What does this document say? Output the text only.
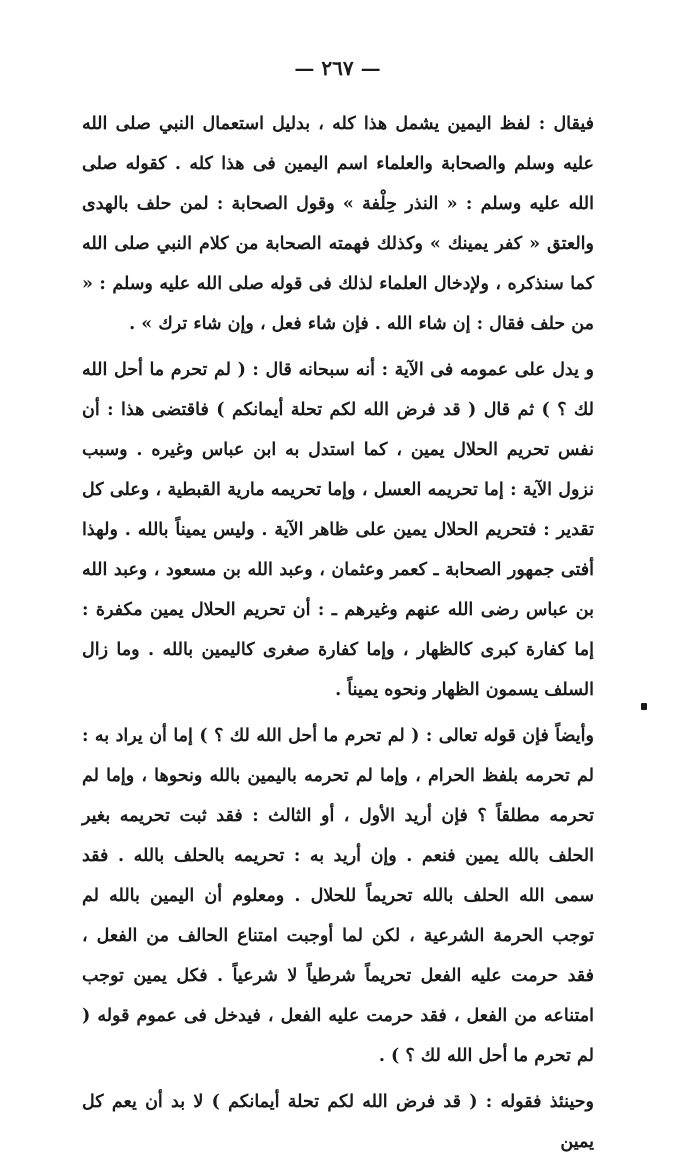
— ٢٦٧ —

فيقال : لفظ اليمين يشمل هذا كله ، بدليل استعمال النبي صلى الله عليه وسلم والصحابة والعلماء اسم اليمين فى هذا كله . كقوله صلى الله عليه وسلم : « النذر حِلْفة » وقول الصحابة : لمن حلف بالهدى والعتق « كفر يمينك » وكذلك فهمته الصحابة من كلام النبي صلى الله كما سنذكره ، ولإدخال العلماء لذلك فى قوله صلى الله عليه وسلم : « من حلف فقال : إن شاء الله . فإن شاء فعل ، وإن شاء ترك » .

و يدل على عمومه فى الآية : أنه سبحانه قال : ( لم تحرم ما أحل الله لك ؟ ) ثم قال ( قد فرض الله لكم تحلة أيمانكم ) فاقتضى هذا : أن نفس تحريم الحلال يمين ، كما استدل به ابن عباس وغيره . وسبب نزول الآية : إما تحريمه العسل ، وإما تحريمه مارية القبطية ، وعلى كل تقدير : فتحريم الحلال يمين على ظاهر الآية . وليس يميناً بالله . ولهذا أفتى جمهور الصحابة ـ كعمر وعثمان ، وعبد الله بن مسعود ، وعبد الله بن عباس رضى الله عنهم وغيرهم ـ : أن تحريم الحلال يمين مكفرة : إما كفارة كبرى كالظهار ، وإما كفارة صغرى كاليمين بالله . وما زال السلف يسمون الظهار ونحوه يميناً .

وأيضاً فإن قوله تعالى : ( لم تحرم ما أحل الله لك ؟ ) إما أن يراد به : لم تحرمه بلفظ الحرام ، وإما لم تحرمه باليمين بالله ونحوها ، وإما لم تحرمه مطلقاً ؟ فإن أريد الأول ، أو الثالث : فقد ثبت تحريمه بغير الحلف بالله يمين فنعم . وإن أريد به : تحريمه بالحلف بالله . فقد سمى الله الحلف بالله تحريماً للحلال . ومعلوم أن اليمين بالله لم توجب الحرمة الشرعية ، لكن لما أوجبت امتناع الحالف من الفعل ، فقد حرمت عليه الفعل تحريماً شرطياً لا شرعياً . فكل يمين توجب امتناعه من الفعل ، فقد حرمت عليه الفعل ، فيدخل فى عموم قوله ( لم تحرم ما أحل الله لك ؟ ) .

وحينئذ فقوله : ( قد فرض الله لكم تحلة أيمانكم ) لا بد أن يعم كل يمين
